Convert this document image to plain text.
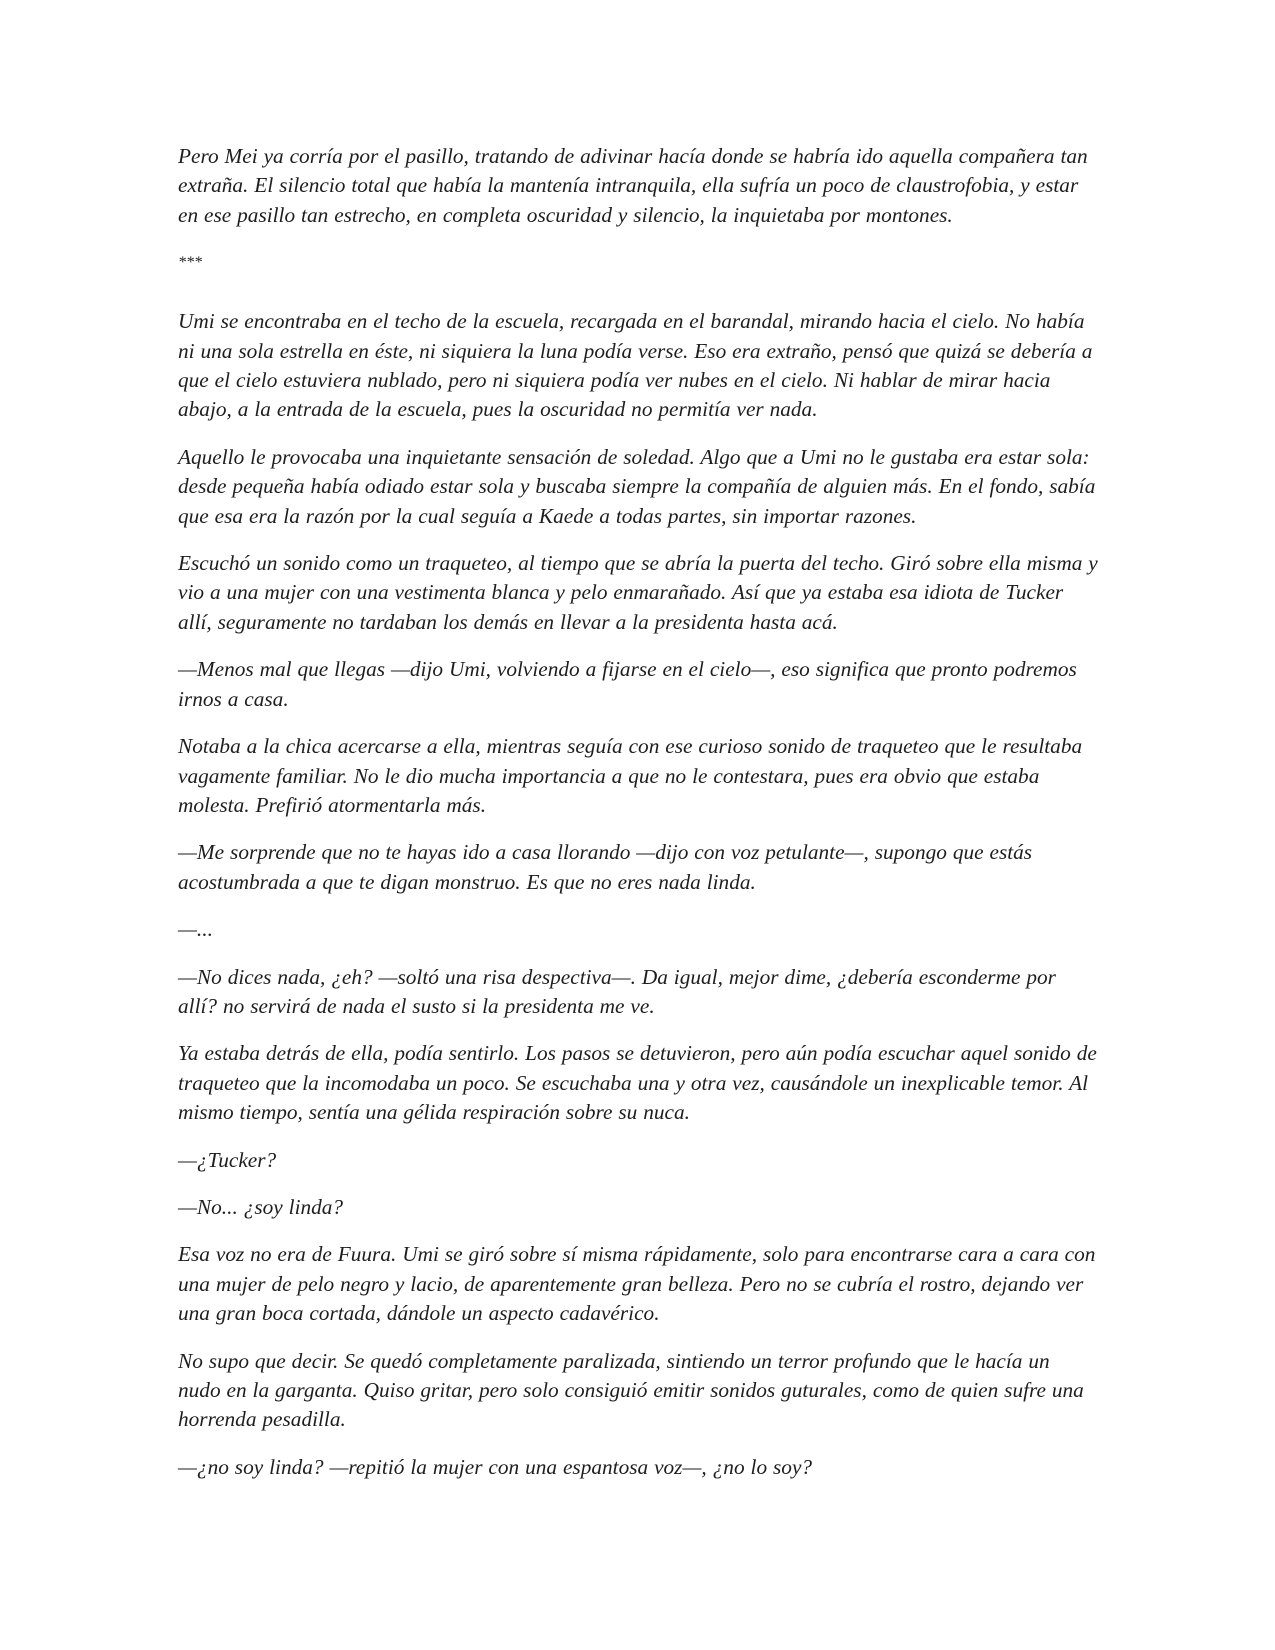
Pero Mei ya corría por el pasillo, tratando de adivinar hacía donde se habría ido aquella compañera tan extraña. El silencio total que había la mantenía intranquila, ella sufría un poco de claustrofobia, y estar en ese pasillo tan estrecho, en completa oscuridad y silencio, la inquietaba por montones.

***

Umi se encontraba en el techo de la escuela, recargada en el barandal, mirando hacia el cielo. No había ni una sola estrella en éste, ni siquiera la luna podía verse. Eso era extraño, pensó que quizá se debería a que el cielo estuviera nublado, pero ni siquiera podía ver nubes en el cielo. Ni hablar de mirar hacia abajo, a la entrada de la escuela, pues la oscuridad no permitía ver nada.

Aquello le provocaba una inquietante sensación de soledad. Algo que a Umi no le gustaba era estar sola: desde pequeña había odiado estar sola y buscaba siempre la compañía de alguien más. En el fondo, sabía que esa era la razón por la cual seguía a Kaede a todas partes, sin importar razones.

Escuchó un sonido como un traqueteo, al tiempo que se abría la puerta del techo. Giró sobre ella misma y vio a una mujer con una vestimenta blanca y pelo enmarañado. Así que ya estaba esa idiota de Tucker allí, seguramente no tardaban los demás en llevar a la presidenta hasta acá.

—Menos mal que llegas —dijo Umi, volviendo a fijarse en el cielo—, eso significa que pronto podremos irnos a casa.

Notaba a la chica acercarse a ella, mientras seguía con ese curioso sonido de traqueteo que le resultaba vagamente familiar. No le dio mucha importancia a que no le contestara, pues era obvio que estaba molesta. Prefirió atormentarla más.

—Me sorprende que no te hayas ido a casa llorando —dijo con voz petulante—, supongo que estás acostumbrada a que te digan monstruo. Es que no eres nada linda.

—...

—No dices nada, ¿eh? —soltó una risa despectiva—. Da igual, mejor dime, ¿debería esconderme por allí? no servirá de nada el susto si la presidenta me ve.

Ya estaba detrás de ella, podía sentirlo. Los pasos se detuvieron, pero aún podía escuchar aquel sonido de traqueteo que la incomodaba un poco. Se escuchaba una y otra vez, causándole un inexplicable temor. Al mismo tiempo, sentía una gélida respiración sobre su nuca.

—¿Tucker?

—No... ¿soy linda?

Esa voz no era de Fuura. Umi se giró sobre sí misma rápidamente, solo para encontrarse cara a cara con una mujer de pelo negro y lacio, de aparentemente gran belleza. Pero no se cubría el rostro, dejando ver una gran boca cortada, dándole un aspecto cadavérico.

No supo que decir. Se quedó completamente paralizada, sintiendo un terror profundo que le hacía un nudo en la garganta. Quiso gritar, pero solo consiguió emitir sonidos guturales, como de quien sufre una horrenda pesadilla.

—¿no soy linda? —repitió la mujer con una espantosa voz—, ¿no lo soy?
